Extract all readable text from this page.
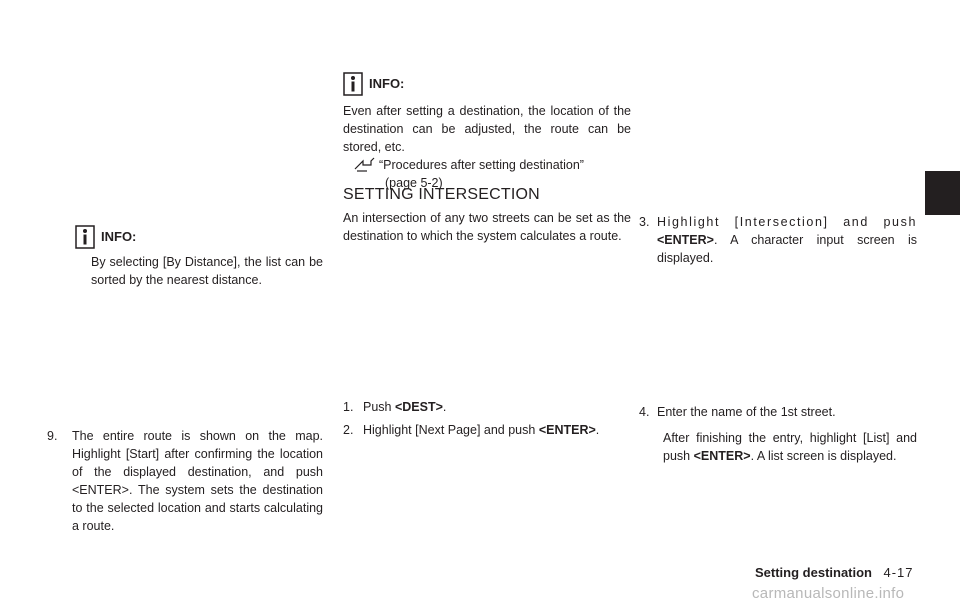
INFO:
By selecting [By Distance], the list can be sorted by the nearest distance.
9.	The entire route is shown on the map. Highlight [Start] after confirming the location of the displayed destination, and push <ENTER>. The system sets the destination to the selected location and starts calculating a route.
INFO:
Even after setting a destination, the location of the destination can be adjusted, the route can be stored, etc.
“Procedures after setting destination”
(page 5-2)
SETTING INTERSECTION
An intersection of any two streets can be set as the destination to which the system calculates a route.
1. Push <DEST>.
2. Highlight [Next Page] and push <ENTER>.
3. Highlight [Intersection] and push <ENTER>. A character input screen is displayed.
4. Enter the name of the 1st street.
After finishing the entry, highlight [List] and push <ENTER>. A list screen is displayed.
Setting destination 4-17
carmanualsonline.info
